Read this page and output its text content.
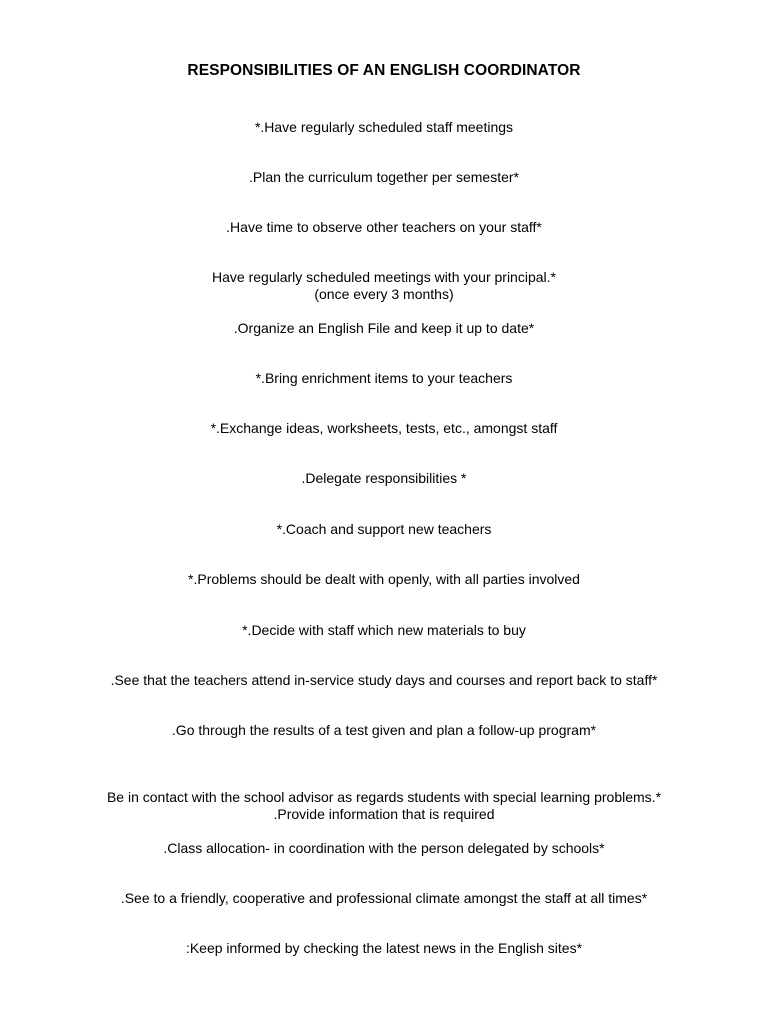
RESPONSIBILITIES OF AN ENGLISH COORDINATOR
*.Have regularly scheduled staff meetings
.Plan the curriculum together per semester*
.Have time to observe other teachers on your staff*
Have regularly scheduled meetings with your principal.*
(once every 3 months)
.Organize an English File and keep it up to date*
*.Bring enrichment items to your teachers
*.Exchange ideas, worksheets, tests, etc., amongst staff
.Delegate responsibilities *
*.Coach and support new teachers
*.Problems should be dealt with openly, with all parties involved
*.Decide with staff which new materials to buy
.See that the teachers attend in-service study days and courses and report back to staff*
.Go through the results of a test given and plan a follow-up program*
Be in contact with the school advisor as regards students with special learning problems.*
.Provide information that is required
.Class allocation- in coordination with the person delegated by schools*
.See to a friendly, cooperative and professional climate amongst the staff at all times*
:Keep informed by checking the latest news in the English sites*
